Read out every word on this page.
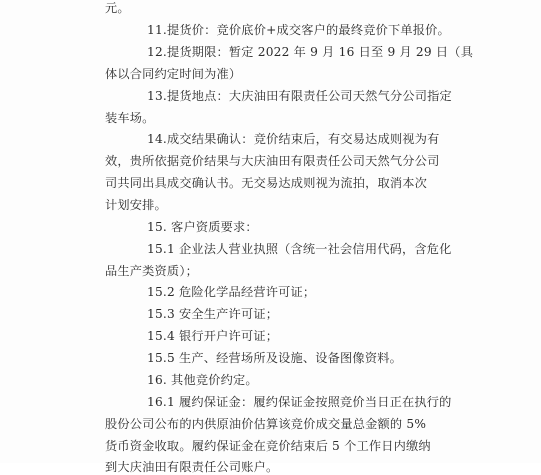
元。
11.提货价：竞价底价+成交客户的最终竞价下单报价。
12.提货期限：暂定 2022 年 9 月 16 日至 9 月 29 日（具
体以合同约定时间为准）
13.提货地点：大庆油田有限责任公司天然气分公司指定
装车场。
14.成交结果确认：竞价结束后，有交易达成则视为有
效，贵所依据竞价结果与大庆油田有限责任公司天然气分公司
司共同出具成交确认书。无交易达成则视为流拍，取消本次
计划安排。
15. 客户资质要求：
15.1 企业法人营业执照（含统一社会信用代码，含危化
品生产类资质）；
15.2 危险化学品经营许可证；
15.3 安全生产许可证；
15.4 银行开户许可证；
15.5 生产、经营场所及设施、设备图像资料。
16. 其他竞价约定。
16.1 履约保证金：履约保证金按照竞价当日正在执行的
股份公司公布的内供原油价估算该竞价成交量总金额的 5%
货币资金收取。履约保证金在竞价结束后 5 个工作日内缴纳
到大庆油田有限责任公司账户。
